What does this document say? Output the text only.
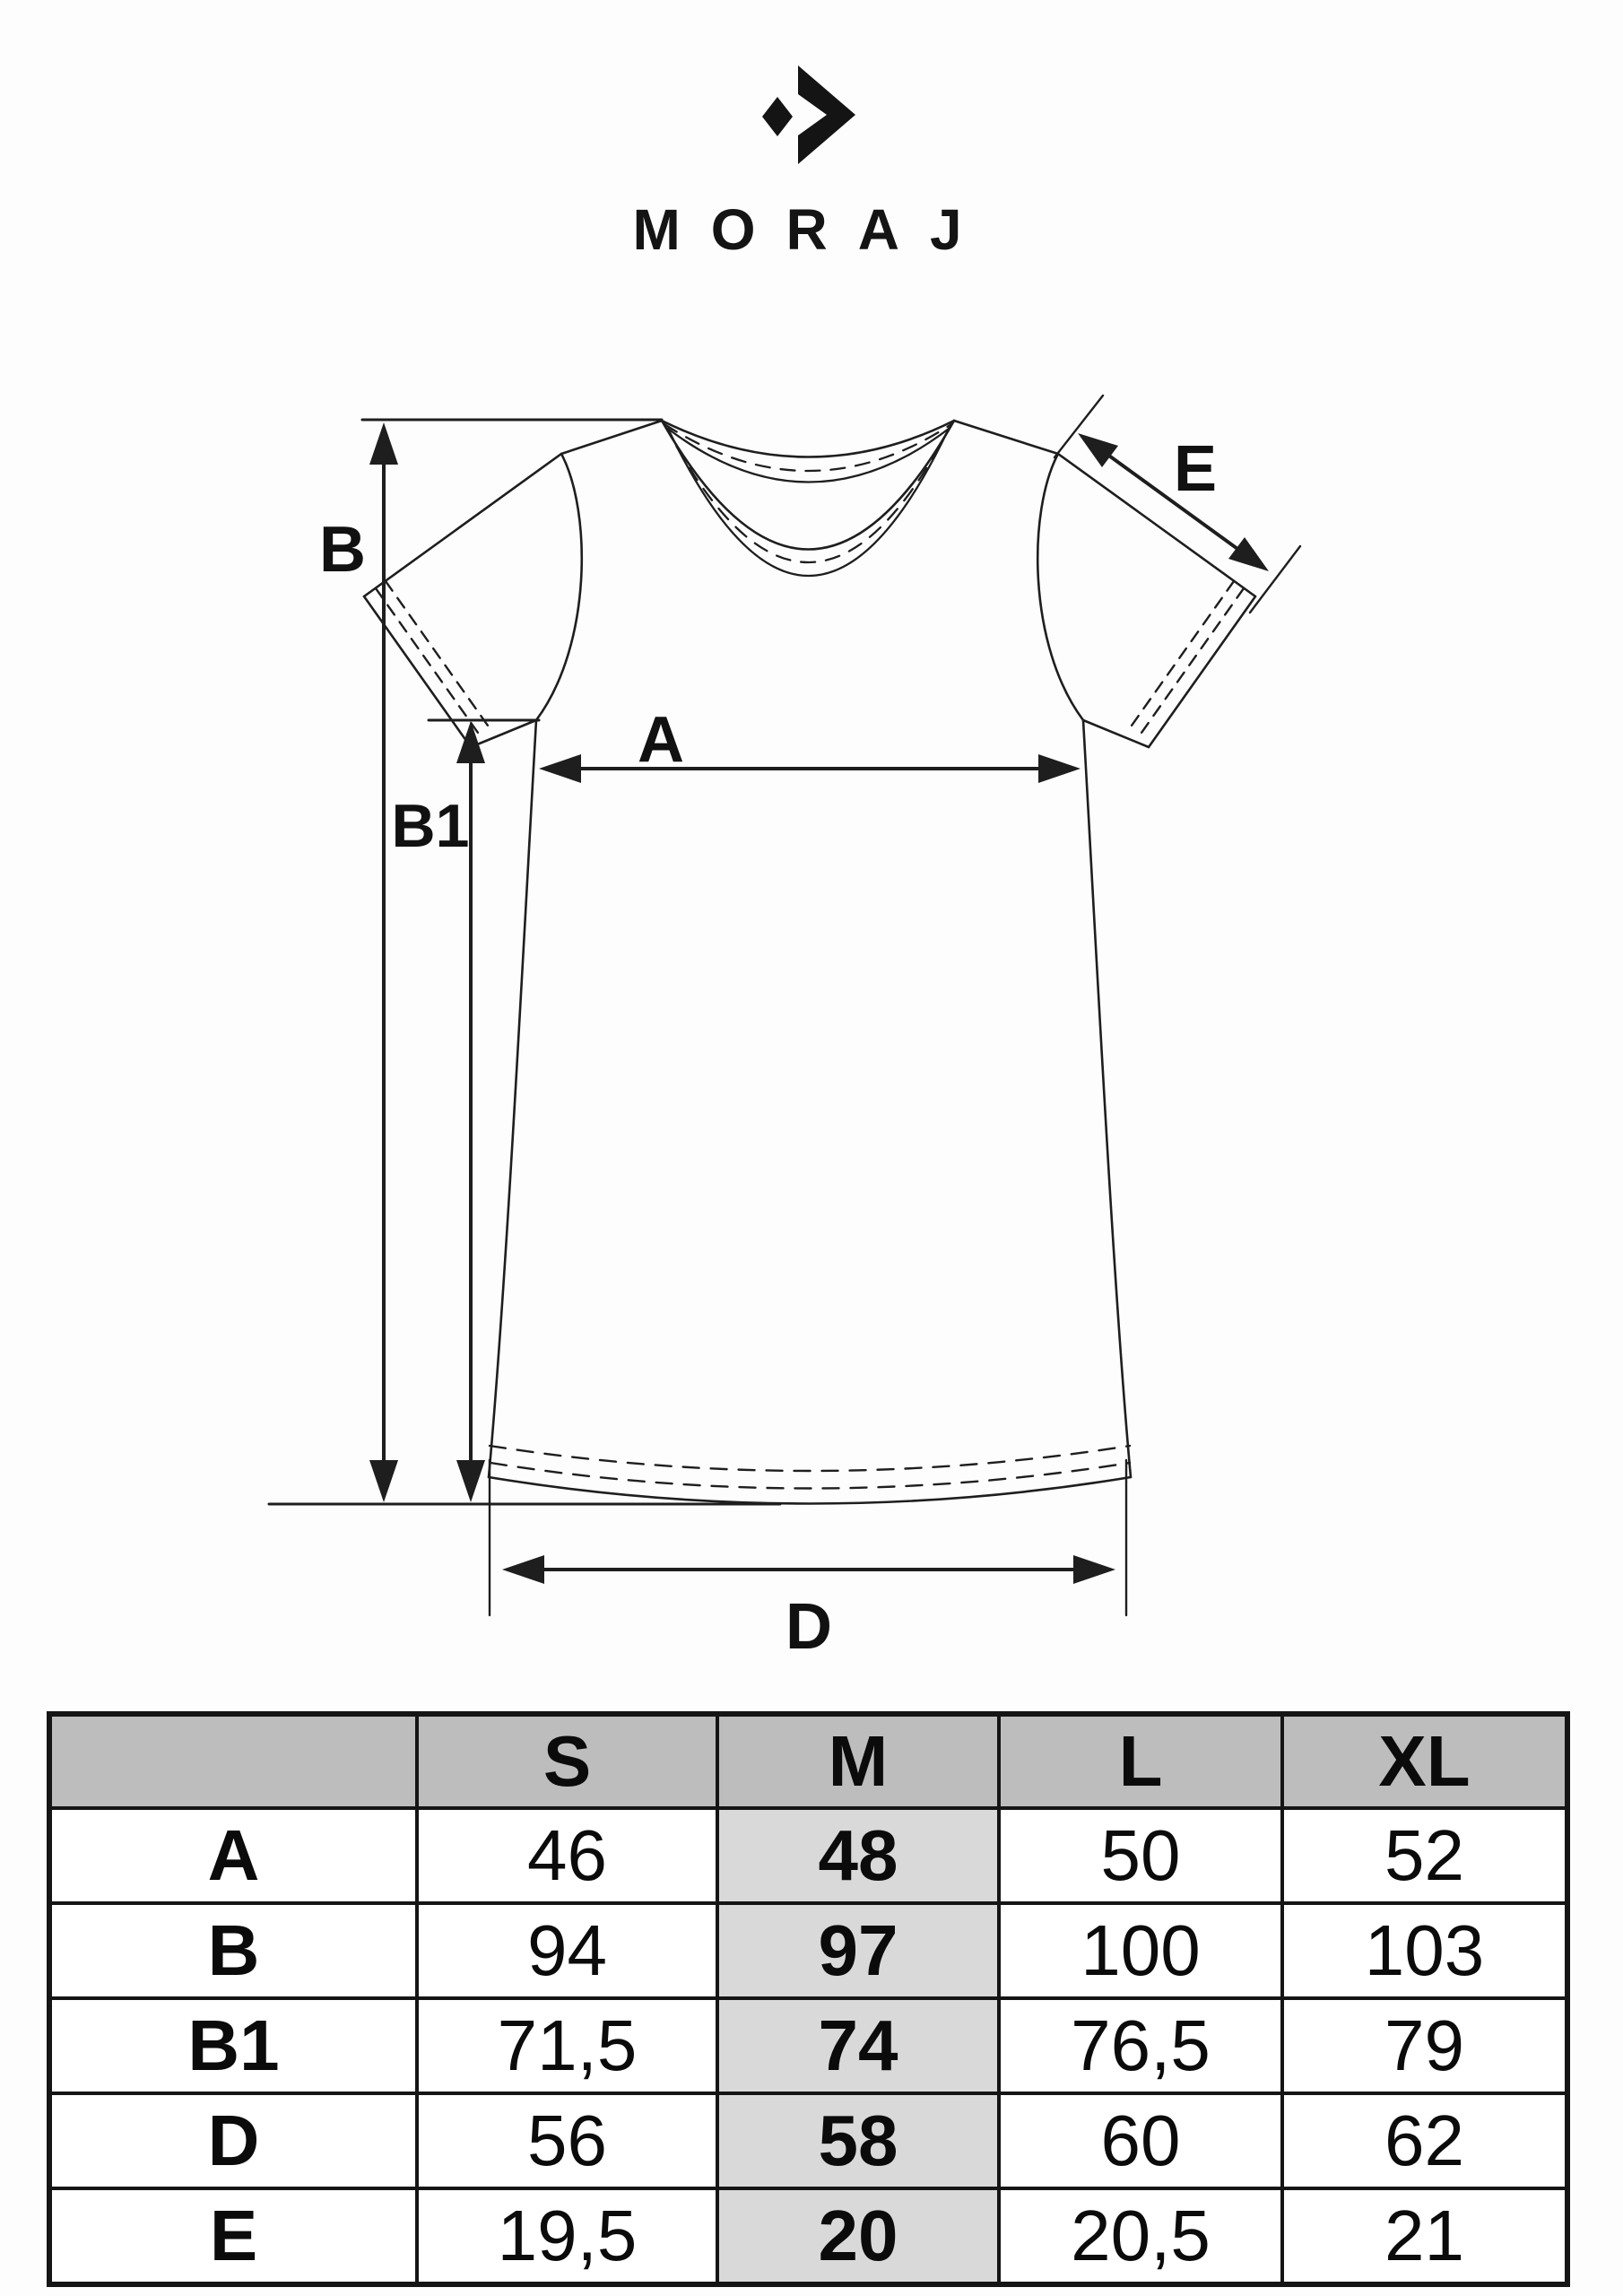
MORAJ
B
B1
A
E
D
	S	M	L	XL
A	46	48	50	52
B	94	97	100	103
B1	71,5	74	76,5	79
D	56	58	60	62
E	19,5	20	20,5	21
